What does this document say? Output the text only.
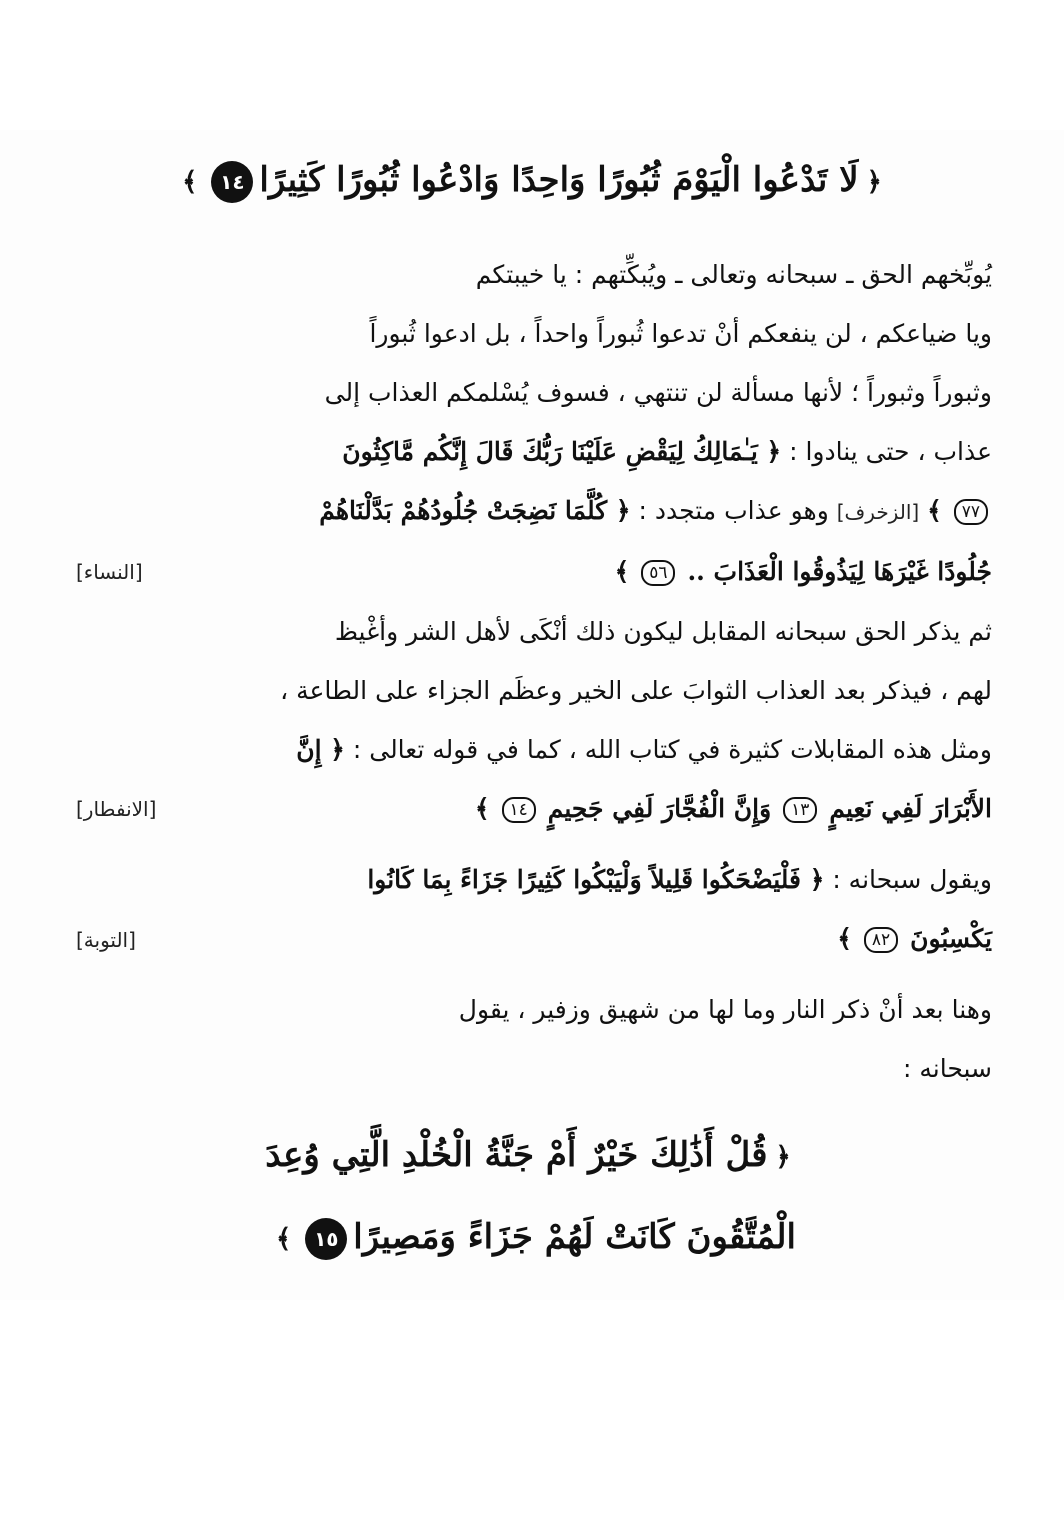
﴿لَا تَدْعُوا الْيَوْمَ ثُبُورًا وَاحِدًا وَادْعُوا ثُبُورًا كَثِيرًا١٤﴾
يُوبِّخهم الحق ـ سبحانه وتعالى ـ ويُبكِّتهم : يا خيبتكم
ويا ضياعكم ، لن ينفعكم أنْ تدعوا ثُبوراً واحداً ، بل ادعوا ثُبوراً
وثبوراً وثبوراً ؛ لأنها مسألة لن تنتهي ، فسوف يُسْلمكم العذاب إلى
عذاب ، حتى ينادوا : ﴿ يَـٰمَالِكُ لِيَقْضِ عَلَيْنَا رَبُّكَ قَالَ إِنَّكُم مَّاكِثُونَ
٧٧ ﴾ [الزخرف] وهو عذاب متجدد : ﴿ كُلَّمَا نَضِجَتْ جُلُودُهُمْ بَدَّلْنَاهُمْ
جُلُودًا غَيْرَهَا لِيَذُوقُوا الْعَذَابَ .. ٥٦ ﴾
[النساء]
ثم يذكر الحق سبحانه المقابل ليكون ذلك أنْكَى لأهل الشر وأغْيظ
لهم ، فيذكر بعد العذاب الثوابَ على الخير وعظَم الجزاء على الطاعة ،
ومثل هذه المقابلات كثيرة في كتاب الله ، كما في قوله تعالى : ﴿ إِنَّ
الأَبْرَارَ لَفِي نَعِيمٍ ١٣ وَإِنَّ الْفُجَّارَ لَفِي جَحِيمٍ ١٤ ﴾
[الانفطار]
ويقول سبحانه : ﴿ فَلْيَضْحَكُوا قَلِيلاً وَلْيَبْكُوا كَثِيرًا جَزَاءً بِمَا كَانُوا
يَكْسِبُونَ ٨٢ ﴾
[التوبة]
وهنا بعد أنْ ذكر النار وما لها من شهيق وزفير ، يقول
سبحانه :
﴿قُلْ أَذَٰلِكَ خَيْرٌ أَمْ جَنَّةُ الْخُلْدِ الَّتِي وُعِدَ
الْمُتَّقُونَ كَانَتْ لَهُمْ جَزَاءً وَمَصِيرًا١٥﴾
